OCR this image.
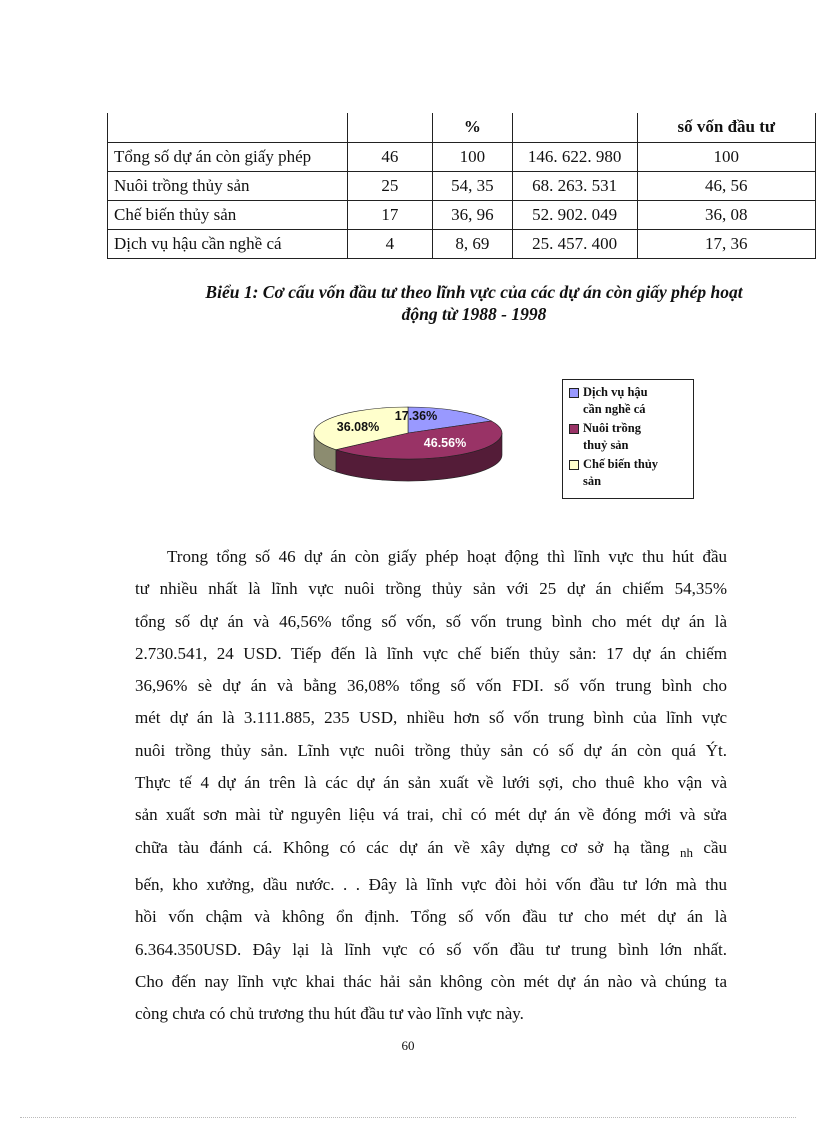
		%		số vốn đầu tư
Tổng số dự án còn giấy phép	46	100	146. 622. 980	100
Nuôi trồng thủy sản	25	54, 35	68. 263. 531	46, 56
Chế biến thủy sản	17	36, 96	52. 902. 049	36, 08
Dịch vụ hậu cần nghề cá	4	8, 69	25. 457. 400	17, 36
Biểu 1: Cơ cấu vốn đầu tư theo lĩnh vực của các dự án còn giấy phép hoạt
động từ 1988 - 1998
17.36%
46.56%
36.08%
Dịch vụ hậu
cần nghề cá
Nuôi trồng
thuỷ sản
Chế biến thủy
sản
Trong tổng số 46 dự án còn giấy phép hoạt động thì lĩnh vực thu hút đầu
tư nhiều nhất là lĩnh vực nuôi trồng thủy sản với 25 dự án chiếm 54,35%
tổng số dự án và 46,56% tổng số vốn, số vốn trung bình cho mét dự án là
2.730.541, 24 USD. Tiếp đến là lĩnh vực chế biến thủy sản: 17 dự án chiếm
36,96% sè dự án và bằng 36,08% tổng số vốn FDI. số vốn trung bình cho
mét dự án là 3.111.885, 235 USD, nhiều hơn số vốn trung bình của lĩnh vực
nuôi trồng thủy sản. Lĩnh vực nuôi trồng thủy sản có số dự án còn quá Ýt.
Thực tế 4 dự án trên là các dự án sản xuất về lưới sợi, cho thuê kho vận và
sản xuất sơn mài từ nguyên liệu vá trai, chỉ có mét dự án về đóng mới và sửa
chữa tàu đánh cá. Không có các dự án về xây dựng cơ sở hạ tầng $_{nh}$ cầu
bến, kho xưởng, dầu nước. . . Đây là lĩnh vực đòi hỏi vốn đầu tư lớn mà thu
hồi vốn chậm và không ổn định. Tổng số vốn đầu tư cho mét dự án là
6.364.350USD. Đây lại là lĩnh vực có số vốn đầu tư trung bình lớn nhất.
Cho đến nay lĩnh vực khai thác hải sản không còn mét dự án nào và chúng ta
còng chưa có chủ trương thu hút đầu tư vào lĩnh vực này.
60
